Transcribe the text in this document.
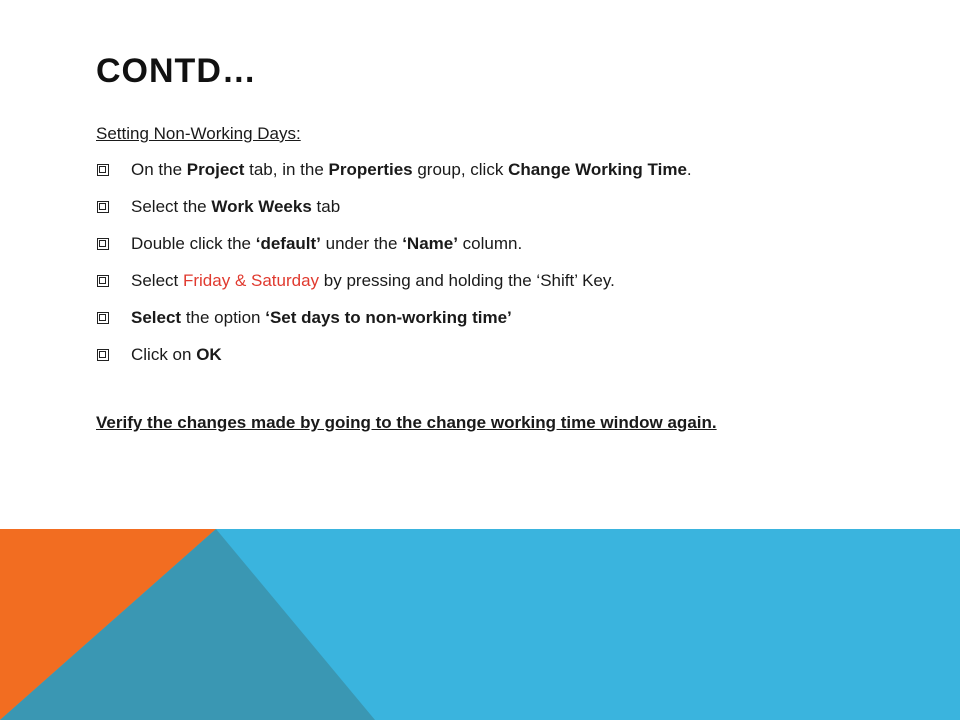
CONTD…
Setting Non-Working Days:
On the Project tab, in the Properties group, click Change Working Time.
Select the Work Weeks tab
Double click the ‘default’ under the ‘Name’ column.
Select Friday & Saturday by pressing and holding the ‘Shift’ Key.
Select the option ‘Set days to non-working time’
Click on OK
Verify the changes made by going to the change working time window again.
